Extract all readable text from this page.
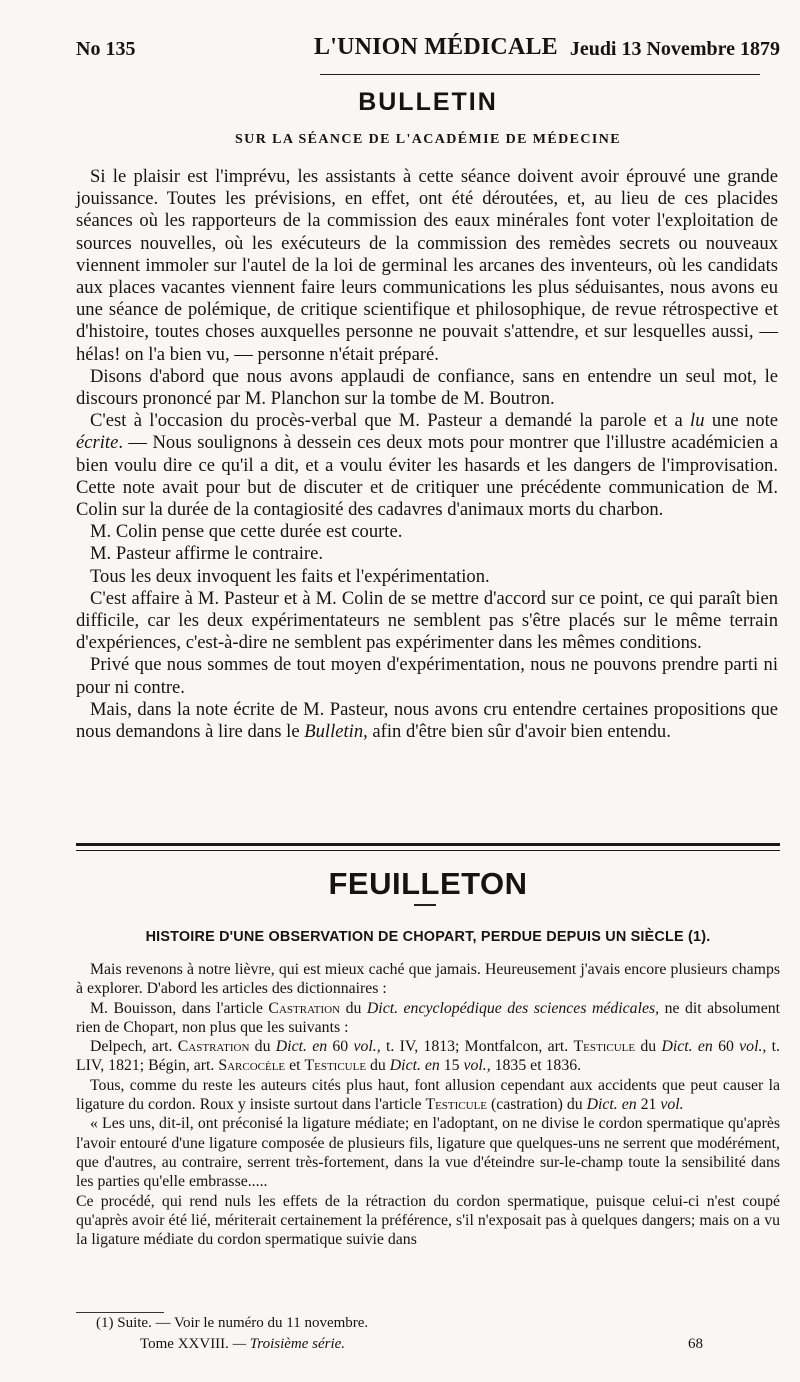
No 135	L'UNION MÉDICALE Jeudi 13 Novembre 1879
BULLETIN
SUR LA SÉANCE DE L'ACADÉMIE DE MÉDECINE

Si le plaisir est l'imprévu, les assistants à cette séance doivent avoir éprouvé une grande jouissance. Toutes les prévisions, en effet, ont été déroutées, et, au lieu de ces placides séances où les rapporteurs de la commission des eaux minérales font voter l'exploitation de sources nouvelles, où les exécuteurs de la commission des remèdes secrets ou nouveaux viennent immoler sur l'autel de la loi de germinal les arcanes des inventeurs, où les candidats aux places vacantes viennent faire leurs communications les plus séduisantes, nous avons eu une séance de polémique, de critique scientifique et philosophique, de revue rétrospective et d'histoire, toutes choses auxquelles personne ne pouvait s'attendre, et sur lesquelles aussi, — hélas! on l'a bien vu, — personne n'était préparé.

Disons d'abord que nous avons applaudi de confiance, sans en entendre un seul mot, le discours prononcé par M. Planchon sur la tombe de M. Boutron.

C'est à l'occasion du procès-verbal que M. Pasteur a demandé la parole et a lu une note écrite. — Nous soulignons à dessein ces deux mots pour montrer que l'illustre académicien a bien voulu dire ce qu'il a dit, et a voulu éviter les hasards et les dangers de l'improvisation. Cette note avait pour but de discuter et de critiquer une précédente communication de M. Colin sur la durée de la contagiosité des cadavres d'animaux morts du charbon.

M. Colin pense que cette durée est courte.

M. Pasteur affirme le contraire.

Tous les deux invoquent les faits et l'expérimentation.

C'est affaire à M. Pasteur et à M. Colin de se mettre d'accord sur ce point, ce qui paraît bien difficile, car les deux expérimentateurs ne semblent pas s'être placés sur le même terrain d'expériences, c'est-à-dire ne semblent pas expérimenter dans les mêmes conditions.

Privé que nous sommes de tout moyen d'expérimentation, nous ne pouvons prendre parti ni pour ni contre.

Mais, dans la note écrite de M. Pasteur, nous avons cru entendre certaines propositions que nous demandons à lire dans le Bulletin, afin d'être bien sûr d'avoir bien entendu.

FEUILLETON
HISTOIRE D'UNE OBSERVATION DE CHOPART, PERDUE DEPUIS UN SIÈCLE (1).

Mais revenons à notre lièvre, qui est mieux caché que jamais. Heureusement j'avais encore plusieurs champs à explorer. D'abord les articles des dictionnaires :

M. Bouisson, dans l'article Castration du Dict. encyclopédique des sciences médicales, ne dit absolument rien de Chopart, non plus que les suivants :

Delpech, art. Castration du Dict. en 60 vol., t. IV, 1813; Montfalcon, art. Testicule du Dict. en 60 vol., t. LIV, 1821; Bégin, art. Sarcocèle et Testicule du Dict. en 15 vol., 1835 et 1836.

Tous, comme du reste les auteurs cités plus haut, font allusion cependant aux accidents que peut causer la ligature du cordon. Roux y insiste surtout dans l'article Testicule (castration) du Dict. en 21 vol.

« Les uns, dit-il, ont préconisé la ligature médiate; en l'adoptant, on ne divise le cordon spermatique qu'après l'avoir entouré d'une ligature composée de plusieurs fils, ligature que quelques-uns ne serrent que modérément, que d'autres, au contraire, serrent très-fortement, dans la vue d'éteindre sur-le-champ toute la sensibilité dans les parties qu'elle embrasse.....

Ce procédé, qui rend nuls les effets de la rétraction du cordon spermatique, puisque celui-ci n'est coupé qu'après avoir été lié, mériterait certainement la préférence, s'il n'exposait pas à quelques dangers; mais on a vu la ligature médiate du cordon spermatique suivie dans

(1) Suite. — Voir le numéro du 11 novembre.
Tome XXVIII. — Troisième série.	68
